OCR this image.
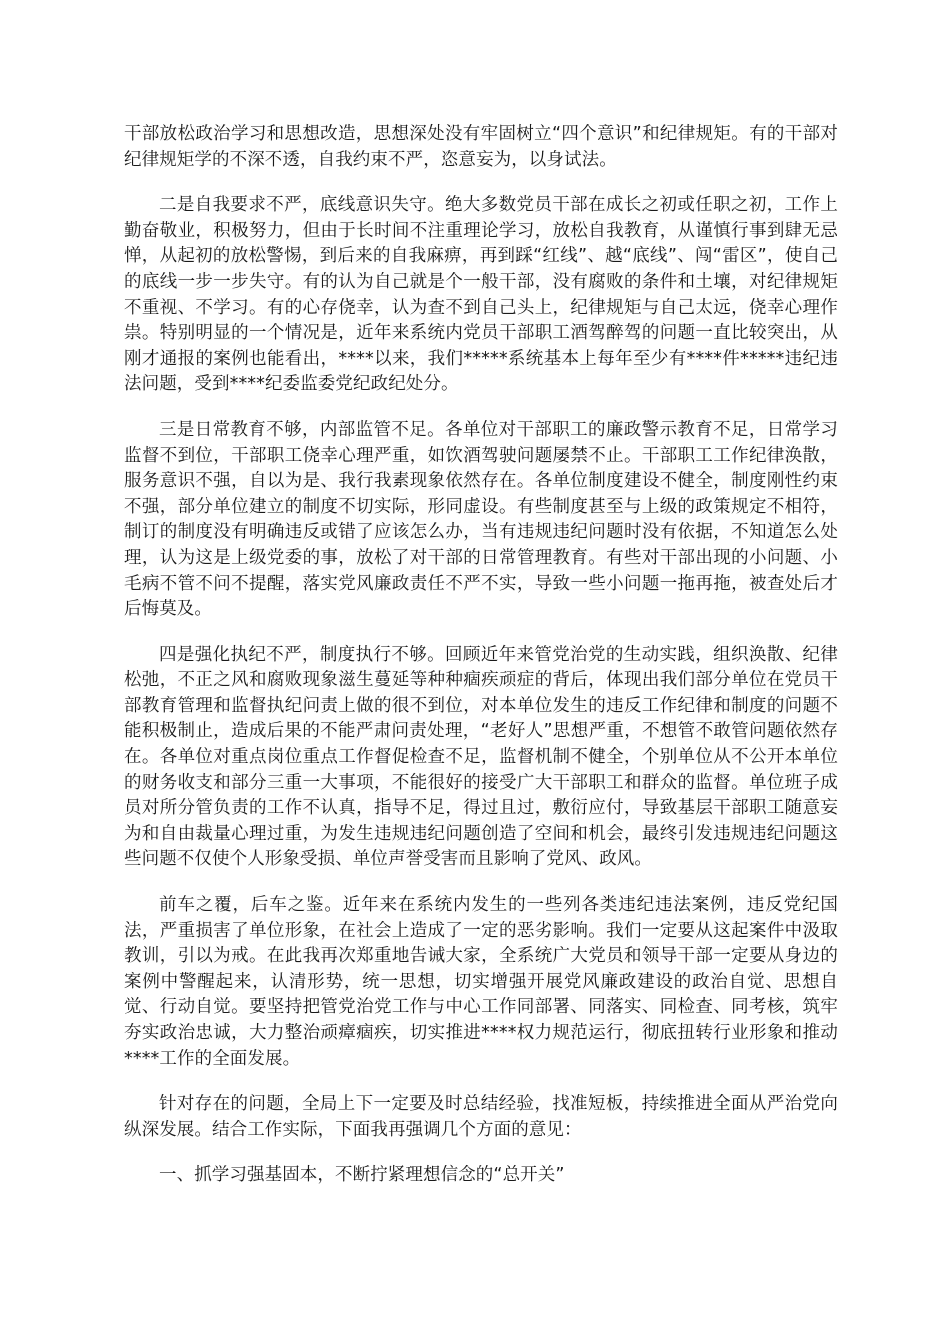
干部放松政治学习和思想改造，思想深处没有牢固树立“四个意识”和纪律规矩。有的干部对纪律规矩学的不深不透，自我约束不严，恣意妄为，以身试法。

二是自我要求不严，底线意识失守。绝大多数党员干部在成长之初或任职之初，工作上勤奋敬业，积极努力，但由于长时间不注重理论学习，放松自我教育，从谨慎行事到肆无忌惮，从起初的放松警惕，到后来的自我麻痹，再到踩“红线”、越“底线”、闯“雷区”，使自己的底线一步一步失守。有的认为自己就是个一般干部，没有腐败的条件和土壤，对纪律规矩不重视、不学习。有的心存侥幸，认为查不到自己头上，纪律规矩与自己太远，侥幸心理作祟。特别明显的一个情况是，近年来系统内党员干部职工酒驾醉驾的问题一直比较突出，从刚才通报的案例也能看出，****以来，我们*****系统基本上每年至少有****件*****违纪违法问题，受到****纪委监委党纪政纪处分。

三是日常教育不够，内部监管不足。各单位对干部职工的廉政警示教育不足，日常学习监督不到位，干部职工侥幸心理严重，如饮酒驾驶问题屡禁不止。干部职工工作纪律涣散，服务意识不强，自以为是、我行我素现象依然存在。各单位制度建设不健全，制度刚性约束不强，部分单位建立的制度不切实际，形同虚设。有些制度甚至与上级的政策规定不相符，制订的制度没有明确违反或错了应该怎么办，当有违规违纪问题时没有依据，不知道怎么处理，认为这是上级党委的事，放松了对干部的日常管理教育。有些对干部出现的小问题、小毛病不管不问不提醒，落实党风廉政责任不严不实，导致一些小问题一拖再拖，被查处后才后悔莫及。

四是强化执纪不严，制度执行不够。回顾近年来管党治党的生动实践，组织涣散、纪律松弛，不正之风和腐败现象滋生蔓延等种种痼疾顽症的背后，体现出我们部分单位在党员干部教育管理和监督执纪问责上做的很不到位，对本单位发生的违反工作纪律和制度的问题不能积极制止，造成后果的不能严肃问责处理，“老好人”思想严重，不想管不敢管问题依然存在。各单位对重点岗位重点工作督促检查不足，监督机制不健全，个别单位从不公开本单位的财务收支和部分三重一大事项，不能很好的接受广大干部职工和群众的监督。单位班子成员对所分管负责的工作不认真，指导不足，得过且过，敷衍应付，导致基层干部职工随意妄为和自由裁量心理过重，为发生违规违纪问题创造了空间和机会，最终引发违规违纪问题这些问题不仅使个人形象受损、单位声誉受害而且影响了党风、政风。

前车之覆，后车之鉴。近年来在系统内发生的一些列各类违纪违法案例，违反党纪国法，严重损害了单位形象，在社会上造成了一定的恶劣影响。我们一定要从这起案件中汲取教训，引以为戒。在此我再次郑重地告诫大家，全系统广大党员和领导干部一定要从身边的案例中警醒起来，认清形势，统一思想，切实增强开展党风廉政建设的政治自觉、思想自觉、行动自觉。要坚持把管党治党工作与中心工作同部署、同落实、同检查、同考核，筑牢夯实政治忠诚，大力整治顽瘴痼疾，切实推进****权力规范运行，彻底扭转行业形象和推动****工作的全面发展。

针对存在的问题，全局上下一定要及时总结经验，找准短板，持续推进全面从严治党向纵深发展。结合工作实际，下面我再强调几个方面的意见：

一、抓学习强基固本，不断拧紧理想信念的“总开关”
